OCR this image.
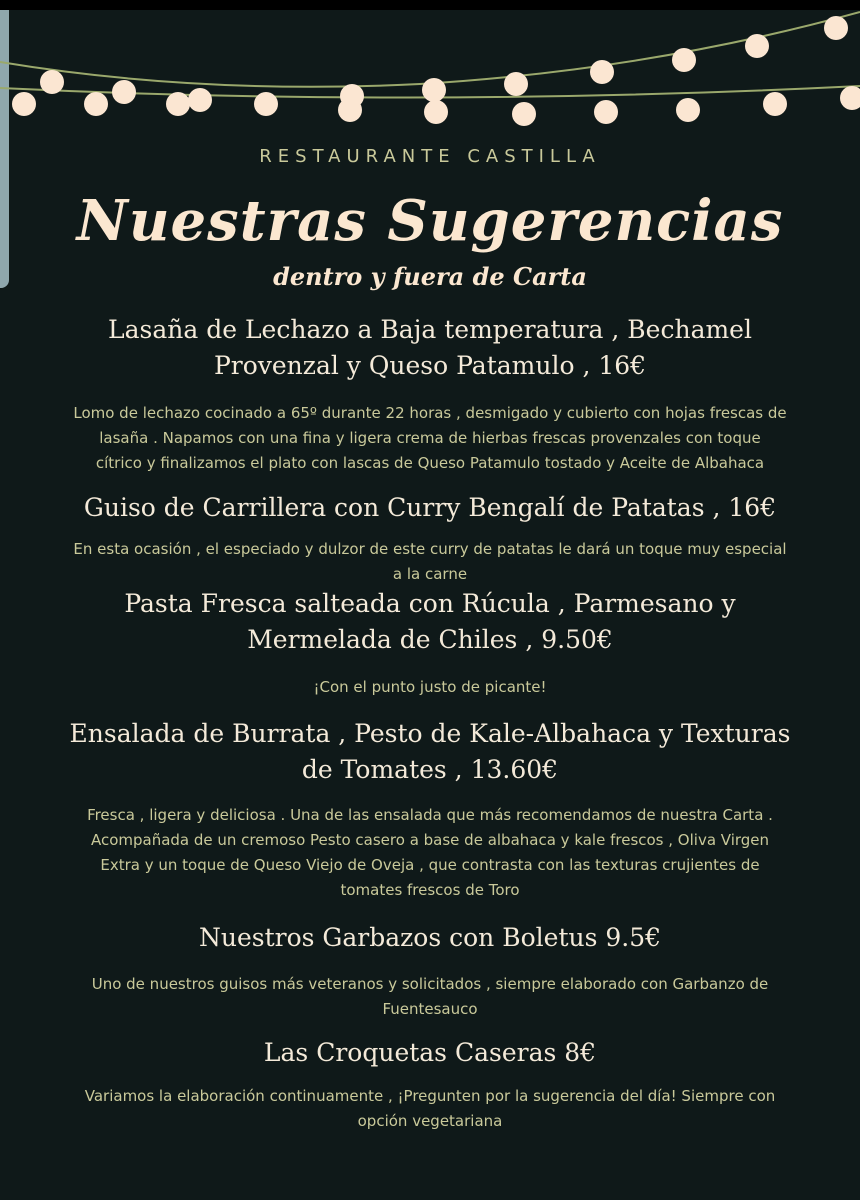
RESTAURANTE CASTILLA
Nuestras Sugerencias
dentro y fuera de Carta
Lasaña de Lechazo a Baja temperatura , Bechamel
Provenzal y Queso Patamulo , 16€
Lomo de lechazo cocinado a 65º durante 22 horas , desmigado y cubierto con hojas frescas de
lasaña . Napamos con una fina y ligera crema de hierbas frescas provenzales con toque
cítrico y finalizamos el plato con lascas de Queso Patamulo tostado y Aceite de Albahaca
Guiso de Carrillera con Curry Bengalí de Patatas , 16€
En esta ocasión , el especiado y dulzor de este curry de patatas le dará un toque muy especial
a la carne
Pasta Fresca salteada con Rúcula , Parmesano y
Mermelada de Chiles , 9.50€
¡Con el punto justo de picante!
Ensalada de Burrata , Pesto de Kale-Albahaca y Texturas
de Tomates , 13.60€
Fresca , ligera y deliciosa . Una de las ensalada que más recomendamos de nuestra Carta .
Acompañada de un cremoso Pesto casero a base de albahaca y kale frescos , Oliva Virgen
Extra y un toque de Queso Viejo de Oveja , que contrasta con las texturas crujientes de
tomates frescos de Toro
Nuestros Garbazos con Boletus 9.5€
Uno de nuestros guisos más veteranos y solicitados , siempre elaborado con Garbanzo de
Fuentesauco
Las Croquetas Caseras 8€
Variamos la elaboración continuamente , ¡Pregunten por la sugerencia del día! Siempre con
opción vegetariana
